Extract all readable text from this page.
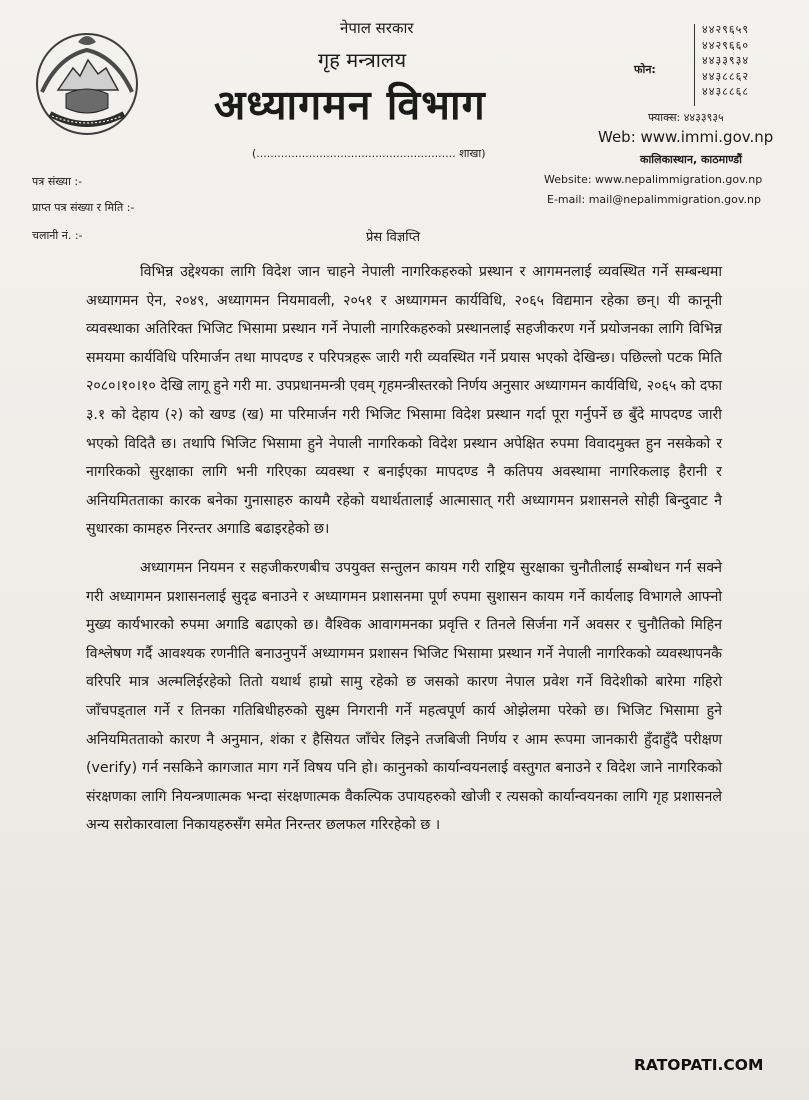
नेपाल सरकार
गृह मन्त्रालय
अध्यागमन विभाग
(......................................................... शाखा)
फोन:
४४२९६५९
४४२९६६०
४४३३९३४
४४३८८६२
४४३८८६८
फ्याक्स: ४४३३९३५
Web: www.immi.gov.np
कालिकास्थान, काठमाण्डौं
Website: www.nepalimmigration.gov.np
E-mail: mail@nepalimmigration.gov.np
पत्र संख्या :-
प्राप्त पत्र संख्या र मिति :-
चलानी नं. :-	प्रेस विज्ञप्ति

विभिन्न उद्देश्यका लागि विदेश जान चाहने नेपाली नागरिकहरुको प्रस्थान र आगमनलाई व्यवस्थित गर्ने सम्बन्धमा अध्यागमन ऐन, २०४९, अध्यागमन नियमावली, २०५१ र अध्यागमन कार्यविधि, २०६५ विद्यमान रहेका छन्। यी कानूनी व्यवस्थाका अतिरिक्त भिजिट भिसामा प्रस्थान गर्ने नेपाली नागरिकहरुको प्रस्थानलाई सहजीकरण गर्ने प्रयोजनका लागि विभिन्न समयमा कार्यविधि परिमार्जन तथा मापदण्ड र परिपत्रहरू जारी गरी व्यवस्थित गर्ने प्रयास भएको देखिन्छ। पछिल्लो पटक मिति २०८०।१०।१० देखि लागू हुने गरी मा. उपप्रधानमन्त्री एवम् गृहमन्त्रीस्तरको निर्णय अनुसार अध्यागमन कार्यविधि, २०६५ को दफा ३.१ को देहाय (२) को खण्ड (ख) मा परिमार्जन गरी भिजिट भिसामा विदेश प्रस्थान गर्दा पूरा गर्नुपर्ने छ बुँदे मापदण्ड जारी भएको विदितै छ। तथापि भिजिट भिसामा हुने नेपाली नागरिकको विदेश प्रस्थान अपेक्षित रुपमा विवादमुक्त हुन नसकेको र नागरिकको सुरक्षाका लागि भनी गरिएका व्यवस्था र बनाईएका मापदण्ड नै कतिपय अवस्थामा नागरिकलाइ हैरानी र अनियमितताका कारक बनेका गुनासाहरु कायमै रहेको यथार्थतालाई आत्मासात् गरी अध्यागमन प्रशासनले सोही बिन्दुवाट नै सुधारका कामहरु निरन्तर अगाडि बढाइरहेको छ।

अध्यागमन नियमन र सहजीकरणबीच उपयुक्त सन्तुलन कायम गरी राष्ट्रिय सुरक्षाका चुनौतीलाई सम्बोधन गर्न सक्ने गरी अध्यागमन प्रशासनलाई सुदृढ बनाउने र अध्यागमन प्रशासनमा पूर्ण रुपमा सुशासन कायम गर्ने कार्यलाइ विभागले आफ्नो मुख्य कार्यभारको रुपमा अगाडि बढाएको छ। वैश्विक आवागमनका प्रवृत्ति र तिनले सिर्जना गर्ने अवसर र चुनौतिको मिहिन विश्लेषण गर्दै आवश्यक रणनीति बनाउनुपर्ने अध्यागमन प्रशासन भिजिट भिसामा प्रस्थान गर्ने नेपाली नागरिकको व्यवस्थापनकै वरिपरि मात्र अल्मलिईरहेको तितो यथार्थ हाम्रो सामु रहेको छ जसको कारण नेपाल प्रवेश गर्ने विदेशीको बारेमा गहिरो जाँचपड्ताल गर्ने र तिनका गतिबिधीहरुको सुक्ष्म निगरानी गर्ने महत्वपूर्ण कार्य ओझेलमा परेको छ। भिजिट भिसामा हुने अनियमितताको कारण नै अनुमान, शंका र हैसियत जाँचेर लिइने तजबिजी निर्णय र आम रूपमा जानकारी हुँदाहुँदै परीक्षण (verify) गर्न नसकिने कागजात माग गर्ने विषय पनि हो। कानुनको कार्यान्वयनलाई वस्तुगत बनाउने र विदेश जाने नागरिकको संरक्षणका लागि नियन्त्रणात्मक भन्दा संरक्षणात्मक वैकल्पिक उपायहरुको खोजी र त्यसको कार्यान्वयनका लागि गृह प्रशासनले अन्य सरोकारवाला निकायहरुसँग समेत निरन्तर छलफल गरिरहेको छ ।

RATOPATI.COM
